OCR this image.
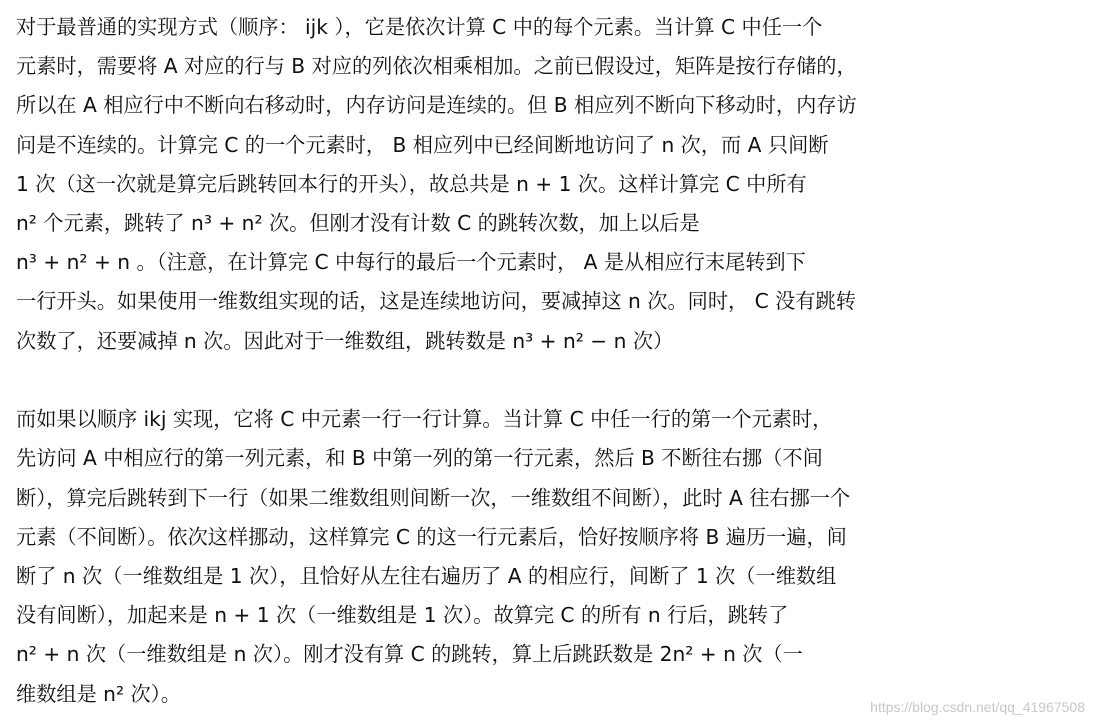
对于最普通的实现方式（顺序： ijk ），它是依次计算 C 中的每个元素。当计算 C 中任一个

元素时，需要将 A 对应的行与 B 对应的列依次相乘相加。之前已假设过，矩阵是按行存储的，

所以在 A 相应行中不断向右移动时，内存访问是连续的。但 B 相应列不断向下移动时，内存访

问是不连续的。计算完 C 的一个元素时， B 相应列中已经间断地访问了 n 次，而 A 只间断

1 次（这一次就是算完后跳转回本行的开头），故总共是 n + 1 次。这样计算完 C 中所有

n² 个元素，跳转了 n³ + n² 次。但刚才没有计数 C 的跳转次数，加上以后是

n³ + n² + n 。（注意，在计算完 C 中每行的最后一个元素时， A 是从相应行末尾转到下

一行开头。如果使用一维数组实现的话，这是连续地访问，要减掉这 n 次。同时， C 没有跳转

次数了，还要减掉 n 次。因此对于一维数组，跳转数是 n³ + n² − n 次）

而如果以顺序 ikj 实现，它将 C 中元素一行一行计算。当计算 C 中任一行的第一个元素时，

先访问 A 中相应行的第一列元素，和 B 中第一列的第一行元素，然后 B 不断往右挪（不间

断），算完后跳转到下一行（如果二维数组则间断一次，一维数组不间断），此时 A 往右挪一个

元素（不间断）。依次这样挪动，这样算完 C 的这一行元素后，恰好按顺序将 B 遍历一遍，间

断了 n 次（一维数组是 1 次），且恰好从左往右遍历了 A 的相应行，间断了 1 次（一维数组

没有间断），加起来是 n + 1 次（一维数组是 1 次）。故算完 C 的所有 n 行后，跳转了

n² + n 次（一维数组是 n 次）。刚才没有算 C 的跳转，算上后跳跃数是 2n² + n 次（一

维数组是 n² 次）。

https://blog.csdn.net/qq_41967508
